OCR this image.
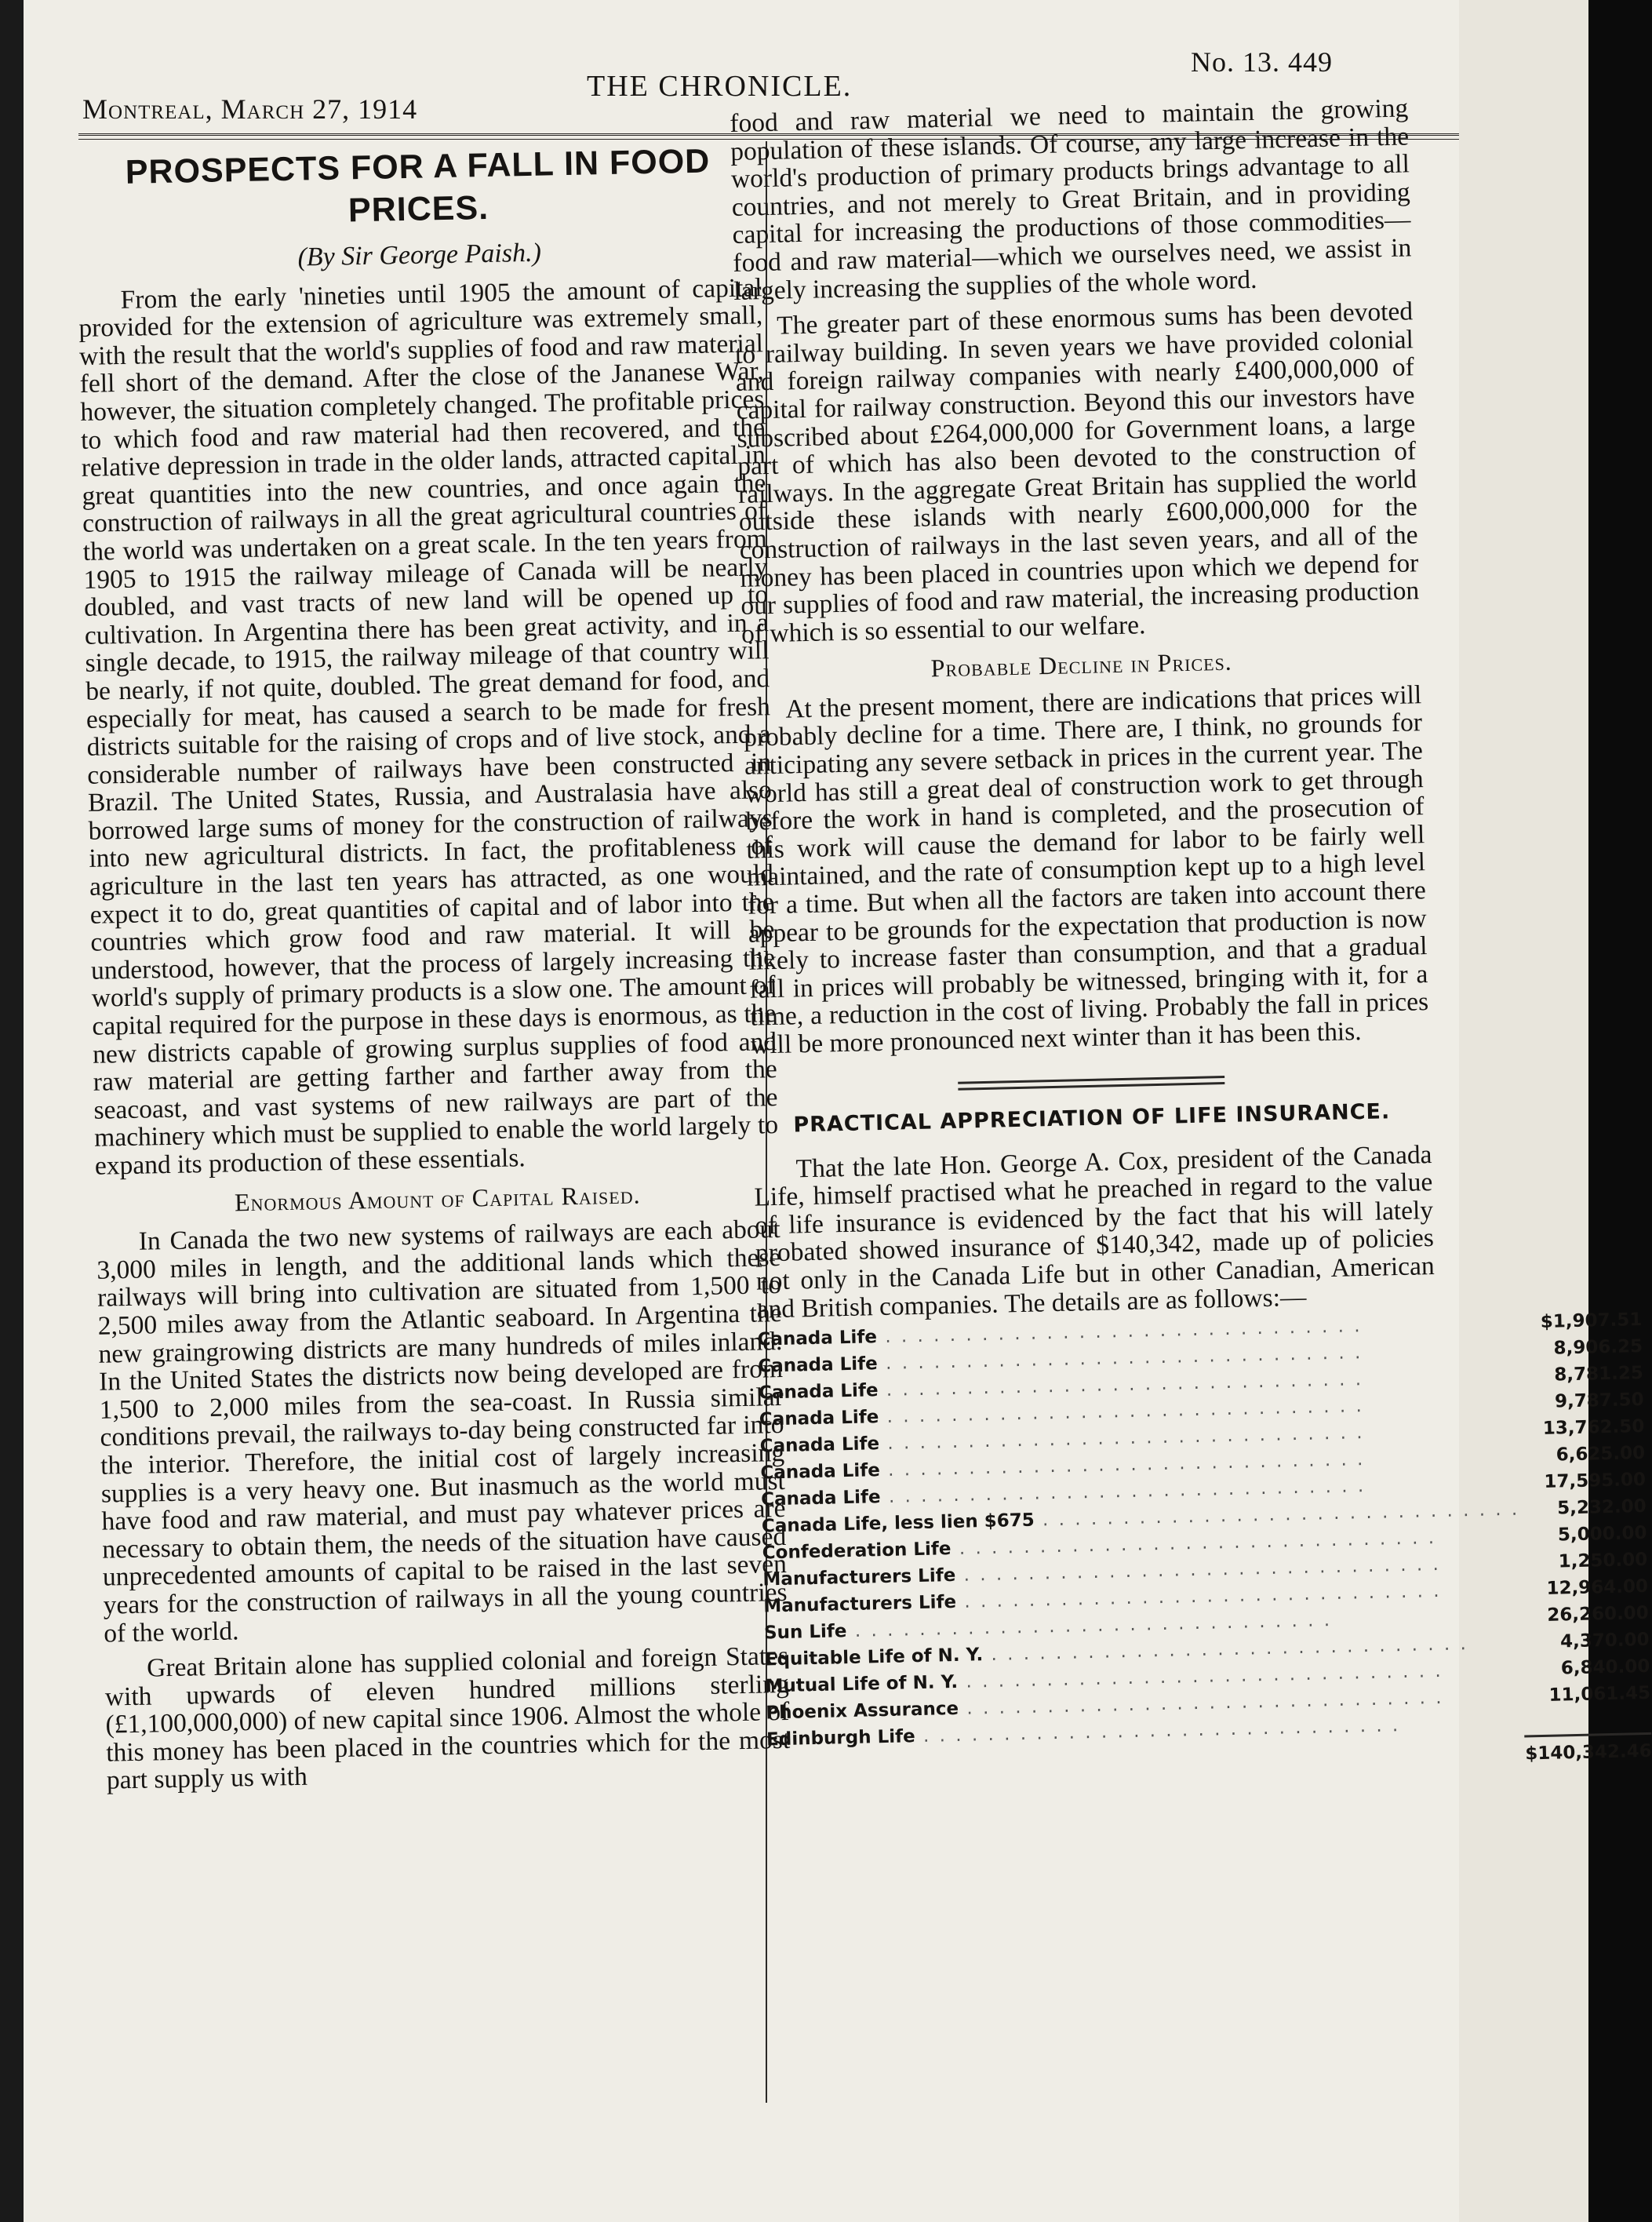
Montreal, March 27, 1914
THE CHRONICLE.
No. 13. 449
PROSPECTS FOR A FALL IN FOOD PRICES.
(By Sir George Paish.)

From the early 'nineties until 1905 the amount of capital provided for the extension of agriculture was extremely small, with the result that the world's supplies of food and raw material fell short of the demand. After the close of the Jananese War, however, the situation completely changed. The profitable prices to which food and raw material had then recovered, and the relative depression in trade in the older lands, attracted capital in great quantities into the new countries, and once again the construction of railways in all the great agricultural countries of the world was undertaken on a great scale. In the ten years from 1905 to 1915 the railway mileage of Canada will be nearly doubled, and vast tracts of new land will be opened up to cultivation. In Argentina there has been great activity, and in a single decade, to 1915, the railway mileage of that country will be nearly, if not quite, doubled. The great demand for food, and especially for meat, has caused a search to be made for fresh districts suitable for the raising of crops and of live stock, and a considerable number of railways have been constructed in Brazil. The United States, Russia, and Australasia have also borrowed large sums of money for the construction of railways into new agricultural districts. In fact, the profitableness of agriculture in the last ten years has attracted, as one would expect it to do, great quantities of capital and of labor into the countries which grow food and raw material. It will be understood, however, that the process of largely increasing the world's supply of primary products is a slow one. The amount of capital required for the purpose in these days is enormous, as the new districts capable of growing surplus supplies of food and raw material are getting farther and farther away from the seacoast, and vast systems of new railways are part of the machinery which must be supplied to enable the world largely to expand its production of these essentials.

Enormous Amount of Capital Raised.

In Canada the two new systems of railways are each about 3,000 miles in length, and the additional lands which these railways will bring into cultivation are situated from 1,500 to 2,500 miles away from the Atlantic seaboard. In Argentina the new graingrowing districts are many hundreds of miles inland. In the United States the districts now being developed are from 1,500 to 2,000 miles from the sea-coast. In Russia similar conditions prevail, the railways to-day being constructed far into the interior. Therefore, the initial cost of largely increasing supplies is a very heavy one. But inasmuch as the world must have food and raw material, and must pay whatever prices are necessary to obtain them, the needs of the situation have caused unprecedented amounts of capital to be raised in the last seven years for the construction of railways in all the young countries of the world.

Great Britain alone has supplied colonial and foreign States with upwards of eleven hundred millions sterling (£1,100,000,000) of new capital since 1906. Almost the whole of this money has been placed in the countries which for the most part supply us with

food and raw material we need to maintain the growing population of these islands. Of course, any large increase in the world's production of primary products brings advantage to all countries, and not merely to Great Britain, and in providing capital for increasing the productions of those commodities— food and raw material—which we ourselves need, we assist in largely increasing the supplies of the whole word.

The greater part of these enormous sums has been devoted to railway building. In seven years we have provided colonial and foreign railway companies with nearly £400,000,000 of capital for railway construction. Beyond this our investors have subscribed about £264,000,000 for Government loans, a large part of which has also been devoted to the construction of railways. In the aggregate Great Britain has supplied the world outside these islands with nearly £600,000,000 for the construction of railways in the last seven years, and all of the money has been placed in countries upon which we depend for our supplies of food and raw material, the increasing production of which is so essential to our welfare.

Probable Decline in Prices.

At the present moment, there are indications that prices will probably decline for a time. There are, I think, no grounds for anticipating any severe setback in prices in the current year. The world has still a great deal of construction work to get through before the work in hand is completed, and the prosecution of this work will cause the demand for labor to be fairly well maintained, and the rate of consumption kept up to a high level for a time. But when all the factors are taken into account there appear to be grounds for the expectation that production is now likely to increase faster than consumption, and that a gradual fall in prices will probably be witnessed, bringing with it, for a time, a reduction in the cost of living. Probably the fall in prices will be more pronounced next winter than it has been this.

PRACTICAL APPRECIATION OF LIFE INSURANCE.

That the late Hon. George A. Cox, president of the Canada Life, himself practised what he preached in regard to the value of life insurance is evidenced by the fact that his will lately probated showed insurance of $140,342, made up of policies not only in the Canada Life but in other Canadian, American and British companies. The details are as follows:—

Canada Life . . . . . . . . . . . . . . . . . . . . . . . . . . . . . .	$1,907.51
Canada Life . . . . . . . . . . . . . . . . . . . . . . . . . . . . . .	8,906.25
Canada Life . . . . . . . . . . . . . . . . . . . . . . . . . . . . . .	8,781.25
Canada Life . . . . . . . . . . . . . . . . . . . . . . . . . . . . . .	9,787.50
Canada Life . . . . . . . . . . . . . . . . . . . . . . . . . . . . . .	13,762.50
Canada Life . . . . . . . . . . . . . . . . . . . . . . . . . . . . . .	6,625.00
Canada Life . . . . . . . . . . . . . . . . . . . . . . . . . . . . . .	17,595.00
Canada Life, less lien $675 . . . . . . . . . . . . . . . . . . . . . . . . . . . . . .	5,232.00
Confederation Life . . . . . . . . . . . . . . . . . . . . . . . . . . . . . .	5,000.00
Manufacturers Life . . . . . . . . . . . . . . . . . . . . . . . . . . . . . .	1,250.00
Manufacturers Life . . . . . . . . . . . . . . . . . . . . . . . . . . . . . .	12,964.00
Sun Life . . . . . . . . . . . . . . . . . . . . . . . . . . . . . .	26,260.00
Equitable Life of N. Y. . . . . . . . . . . . . . . . . . . . . . . . . . . . . . .	4,370.00
Mutual Life of N. Y. . . . . . . . . . . . . . . . . . . . . . . . . . . . . . .	6,840.00
Phoenix Assurance . . . . . . . . . . . . . . . . . . . . . . . . . . . . . .	11,061.45
Edinburgh Life . . . . . . . . . . . . . . . . . . . . . . . . . . . . . .	
	$140,342.46
